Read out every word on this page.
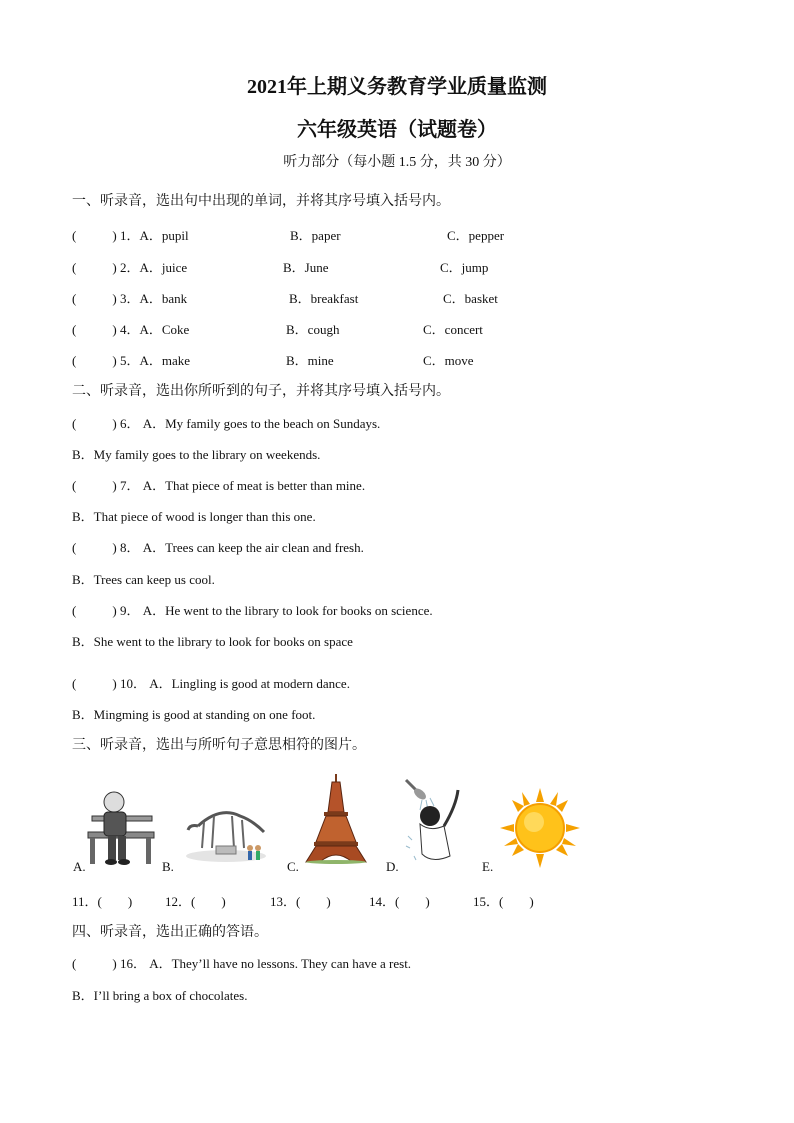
2021年上期义务教育学业质量监测
六年级英语（试题卷）
听力部分（每小题 1.5 分，共 30 分）
一、听录音，选出句中出现的单词，并将其序号填入括号内。
(	) 1．A．pupil	B．paper	C．pepper
(	) 2．A．juice	B．June	C．jump
(	) 3．A．bank	B．breakfast	C．basket
(	) 4．A．Coke	B．cough	C．concert
(	) 5．A．make	B．mine	C．move
二、听录音，选出你所听到的句子，并将其序号填入括号内。
(	) 6． A．My family goes to the beach on Sundays.
B．My family goes to the library on weekends.
(	) 7． A．That piece of meat is better than mine.
B．That piece of wood is longer than this one.
(	) 8． A．Trees can keep the air clean and fresh.
B．Trees can keep us cool.
(	) 9． A．He went to the library to look for books on science.
B．She went to the library to look for books on space
(	) 10． A．Lingling is good at modern dance.
B．Mingming is good at standing on one foot.
三、听录音，选出与所听句子意思相符的图片。
A.	B.	C.	D.	E.
11．(　　)	12．(　　)	13．(　　)	14．(　　)	15．(　　)
四、听录音，选出正确的答语。
(	) 16． A．They’ll have no lessons. They can have a rest.
B．I’ll bring a box of chocolates.
